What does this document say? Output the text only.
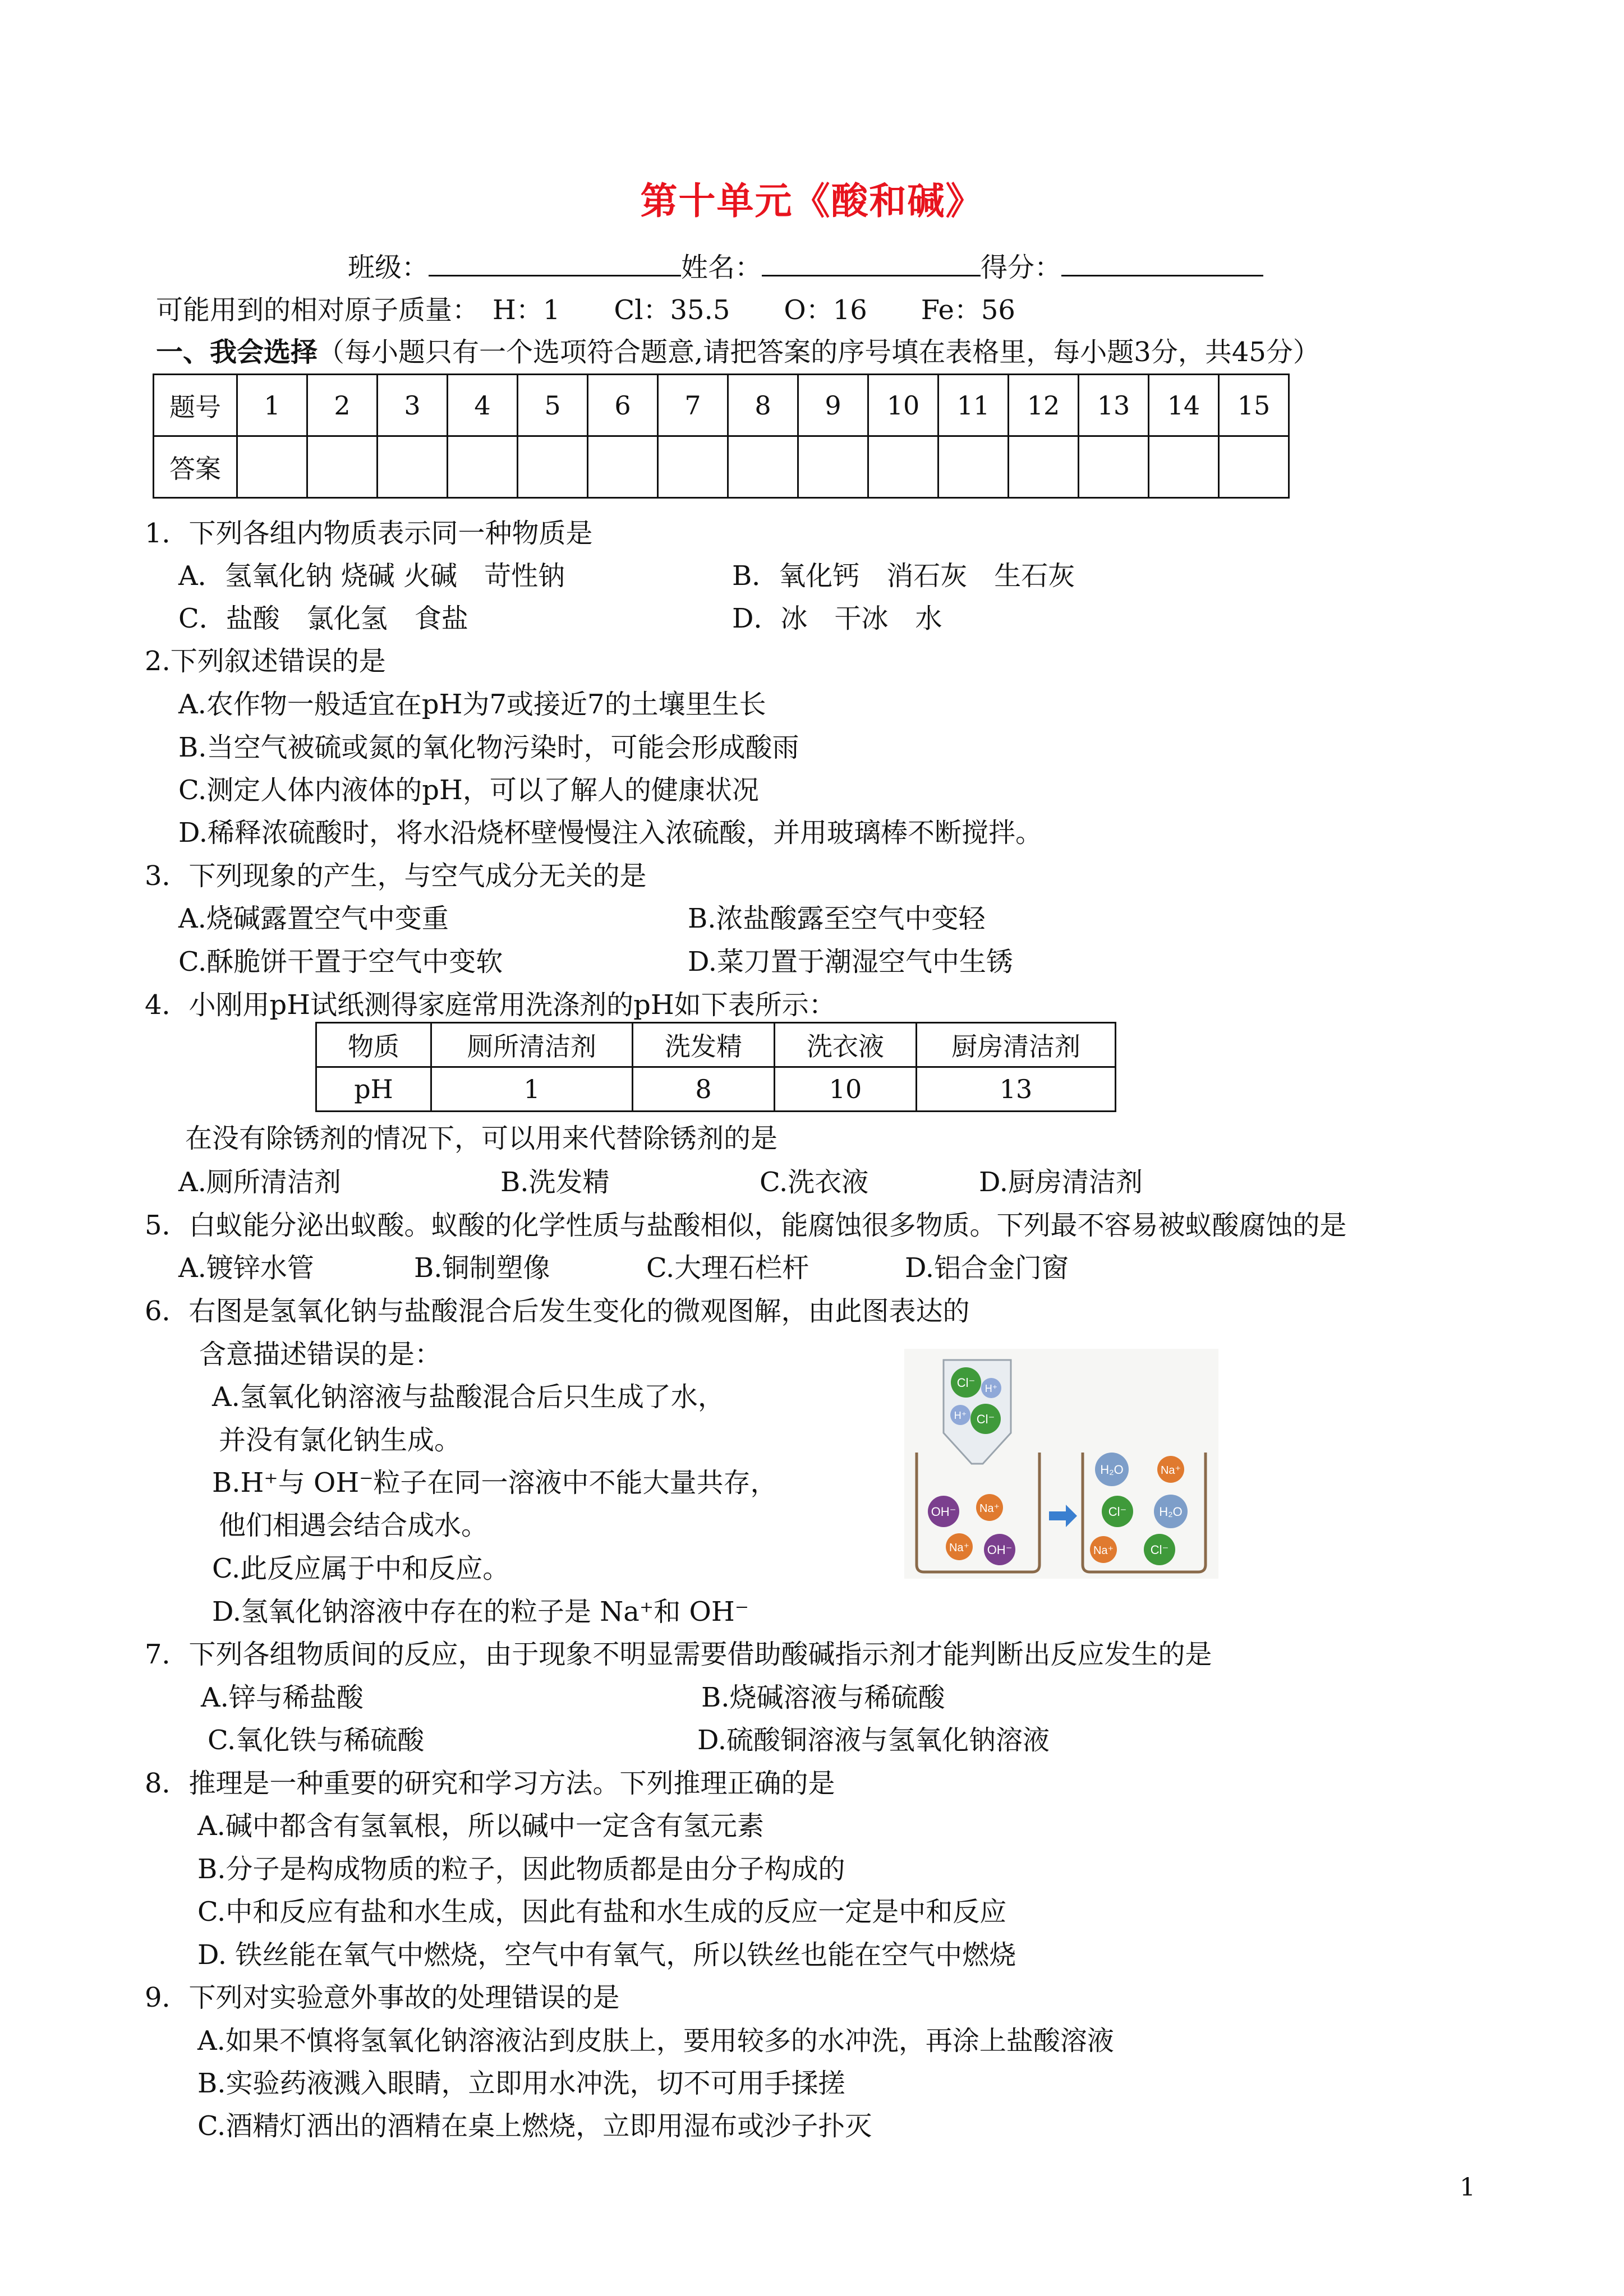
第十单元《酸和碱》
班级：	姓名：	得分：
可能用到的相对原子质量：　H：1　　Cl：35.5　　O：16　　Fe：56
一、我会选择（每小题只有一个选项符合题意,请把答案的序号填在表格里，每小题3分，共45分）
题号	1	2	3	4	5	6	7	8	9	10	11	12	13	14	15
答案															
1．下列各组内物质表示同一种物质是
A．氢氧化钠 烧碱 火碱　苛性钠	B．氧化钙　消石灰　生石灰
C．盐酸　氯化氢　食盐	D．冰　干冰　水
2.下列叙述错误的是
A.农作物一般适宜在pH为7或接近7的土壤里生长
B.当空气被硫或氮的氧化物污染时，可能会形成酸雨
C.测定人体内液体的pH，可以了解人的健康状况
D.稀释浓硫酸时，将水沿烧杯壁慢慢注入浓硫酸，并用玻璃棒不断搅拌。
3．下列现象的产生，与空气成分无关的是
A.烧碱露置空气中变重	B.浓盐酸露至空气中变轻
C.酥脆饼干置于空气中变软	D.菜刀置于潮湿空气中生锈
4．小刚用pH试纸测得家庭常用洗涤剂的pH如下表所示：
物质	厕所清洁剂	洗发精	洗衣液	厨房清洁剂
pH	1	8	10	13
在没有除锈剂的情况下，可以用来代替除锈剂的是
A.厕所清洁剂	B.洗发精	C.洗衣液	D.厨房清洁剂
5．白蚁能分泌出蚁酸。蚁酸的化学性质与盐酸相似，能腐蚀很多物质。下列最不容易被蚁酸腐蚀的是
A.镀锌水管	B.铜制塑像	C.大理石栏杆	D.铝合金门窗
6．右图是氢氧化钠与盐酸混合后发生变化的微观图解，由此图表达的
含意描述错误的是：
A.氢氧化钠溶液与盐酸混合后只生成了水，
并没有氯化钠生成。
B.H⁺与 OH⁻粒子在同一溶液中不能大量共存，
他们相遇会结合成水。
C.此反应属于中和反应。
D.氢氧化钠溶液中存在的粒子是 Na⁺和 OH⁻
Cl⁻ H⁺
H⁺ Cl⁻
OH⁻ Na⁺
Na⁺ OH⁻
H₂O	Na⁺
Cl⁻	H₂O
Na⁺	Cl⁻
7．下列各组物质间的反应，由于现象不明显需要借助酸碱指示剂才能判断出反应发生的是
A.锌与稀盐酸	B.烧碱溶液与稀硫酸
C.氧化铁与稀硫酸	D.硫酸铜溶液与氢氧化钠溶液
8．推理是一种重要的研究和学习方法。下列推理正确的是
A.碱中都含有氢氧根，所以碱中一定含有氢元素
B.分子是构成物质的粒子，因此物质都是由分子构成的
C.中和反应有盐和水生成，因此有盐和水生成的反应一定是中和反应
D. 铁丝能在氧气中燃烧，空气中有氧气，所以铁丝也能在空气中燃烧
9．下列对实验意外事故的处理错误的是
A.如果不慎将氢氧化钠溶液沾到皮肤上，要用较多的水冲洗，再涂上盐酸溶液
B.实验药液溅入眼睛，立即用水冲洗，切不可用手揉搓
C.酒精灯洒出的酒精在桌上燃烧，立即用湿布或沙子扑灭
1
